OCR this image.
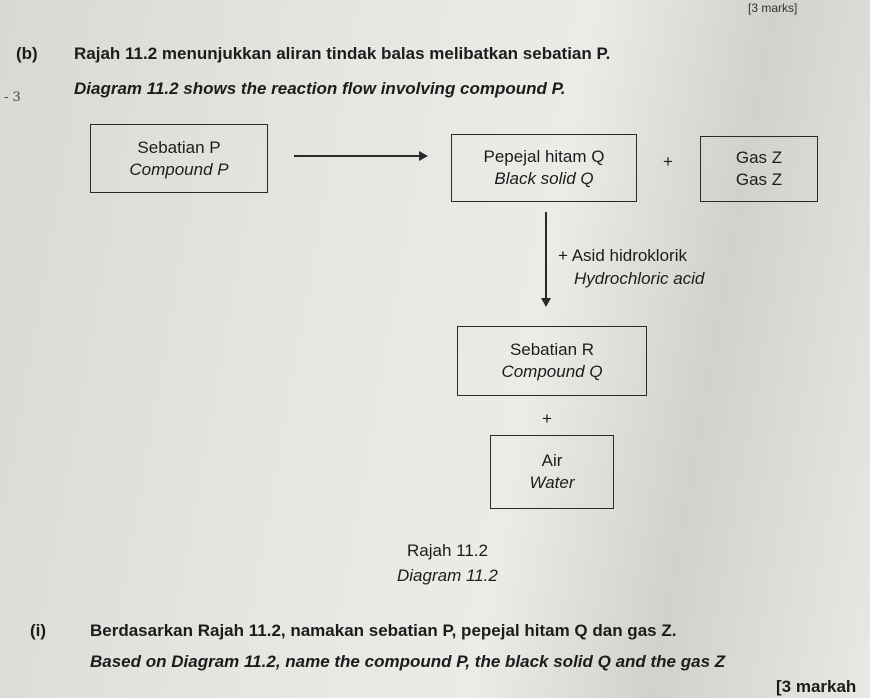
[3 marks]
(b) Rajah 11.2 menunjukkan aliran tindak balas melibatkan sebatian P.
Diagram 11.2 shows the reaction flow involving compound P.
- 3
Sebatian P
Compound P
Pepejal hitam Q
Black solid Q
+	Gas Z
Gas Z
+ Asid hidroklorik
Hydrochloric acid
Sebatian R
Compound Q
+
Air
Water
Rajah 11.2
Diagram 11.2
(i)	Berdasarkan Rajah 11.2, namakan sebatian P, pepejal hitam Q dan gas Z.
Based on Diagram 11.2, name the compound P, the black solid Q and the gas Z
[3 markah
